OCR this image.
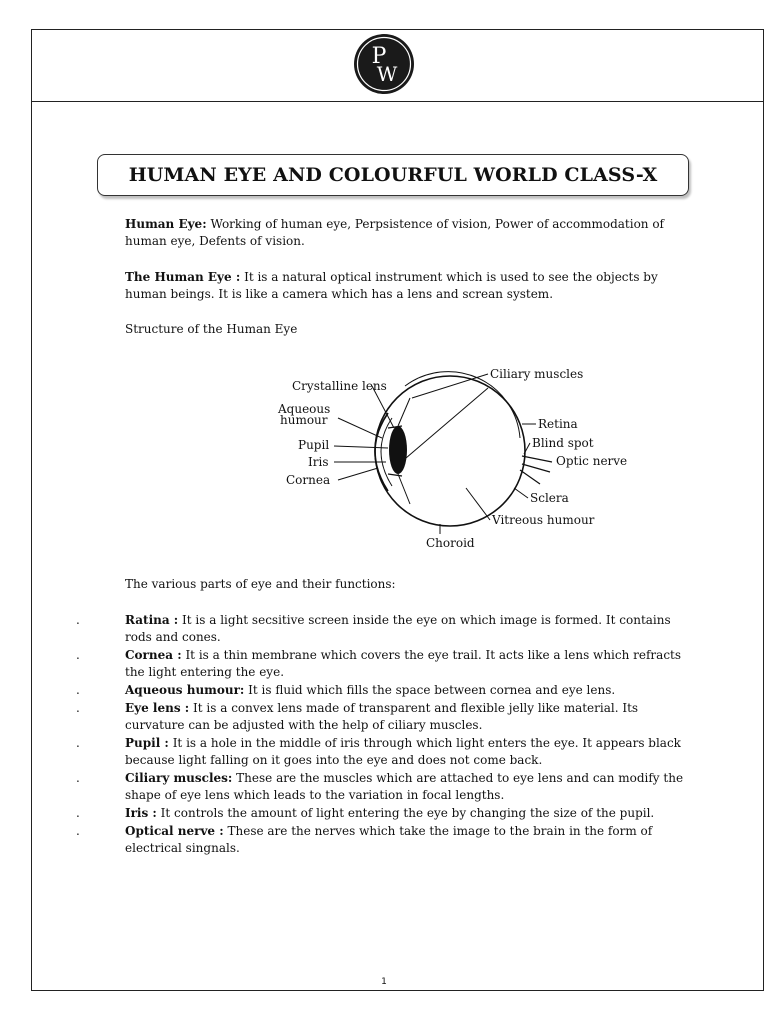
P
W
HUMAN EYE AND COLOURFUL WORLD CLASS-X
Human Eye: Working of human eye, Perpsistence of vision, Power of accommodation of human eye, Defents of vision.
The Human Eye : It is a natural optical instrument which is used to see the objects by human beings. It is like a camera which has a lens and screan system.
Structure of the Human Eye
Crystalline lens
Aqueous
humour
Pupil
Iris
Cornea
Ciliary muscles
Retina
Blind spot
Optic nerve
Sclera
Vitreous humour
Choroid
The various parts of eye and their functions:
.	Ratina : It is a light secsitive screen inside the eye on which image is formed. It contains rods and cones.
.	Cornea : It is a thin membrane which covers the eye trail. It acts like a lens which refracts the light entering the eye.
.	Aqueous humour: It is fluid which fills the space between cornea and eye lens.
.	Eye lens : It is a convex lens made of transparent and flexible jelly like material. Its curvature can be adjusted with the help of ciliary muscles.
.	Pupil : It is a hole in the middle of iris through which light enters the eye. It appears black because light falling on it goes into the eye and does not come back.
.	Ciliary muscles: These are the muscles which are attached to eye lens and can modify the shape of eye lens which leads to the variation in focal lengths.
.	Iris : It controls the amount of light entering the eye by changing the size of the pupil.
.	Optical nerve : These are the nerves which take the image to the brain in the form of electrical singnals.
1
